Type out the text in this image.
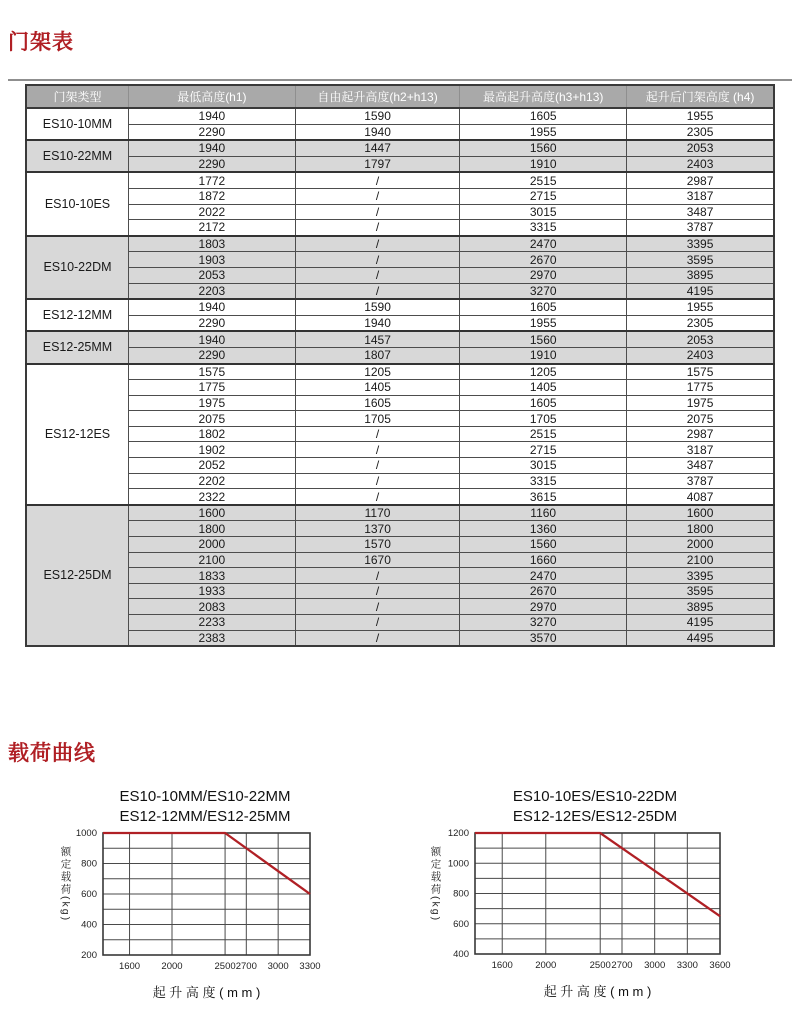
门架表
门架类型	最低高度(h1)	自由起升高度(h2+h13)	最高起升高度(h3+h13)	起升后门架高度 (h4)
ES10-10MM	1940	1590	1605	1955
	2290	1940	1955	2305
ES10-22MM	1940	1447	1560	2053
	2290	1797	1910	2403
ES10-10ES	1772	/	2515	2987
	1872	/	2715	3187
	2022	/	3015	3487
	2172	/	3315	3787
ES10-22DM	1803	/	2470	3395
	1903	/	2670	3595
	2053	/	2970	3895
	2203	/	3270	4195
ES12-12MM	1940	1590	1605	1955
	2290	1940	1955	2305
ES12-25MM	1940	1457	1560	2053
	2290	1807	1910	2403
ES12-12ES	1575	1205	1205	1575
	1775	1405	1405	1775
	1975	1605	1605	1975
	2075	1705	1705	2075
	1802	/	2515	2987
	1902	/	2715	3187
	2052	/	3015	3487
	2202	/	3315	3787
	2322	/	3615	4087
ES12-25DM	1600	1170	1160	1600
	1800	1370	1360	1800
	2000	1570	1560	2000
	2100	1670	1660	2100
	1833	/	2470	3395
	1933	/	2670	3595
	2083	/	2970	3895
	2233	/	3270	4195
	2383	/	3570	4495
载荷曲线
ES10-10MM/ES10-22MM
ES12-12MM/ES12-25MM
ES10-10ES/ES10-22DM
ES12-12ES/ES12-25DM
额定载荷(kg)	额定载荷(kg)
1000
800
600
400
200
1600 2000	2500 2700 3000 3300
起 升 高 度 ( m m )
1200
1000
800
600
400
1600 2000	2500 2700 3000 3300 3600
起 升 高 度 ( m m )
